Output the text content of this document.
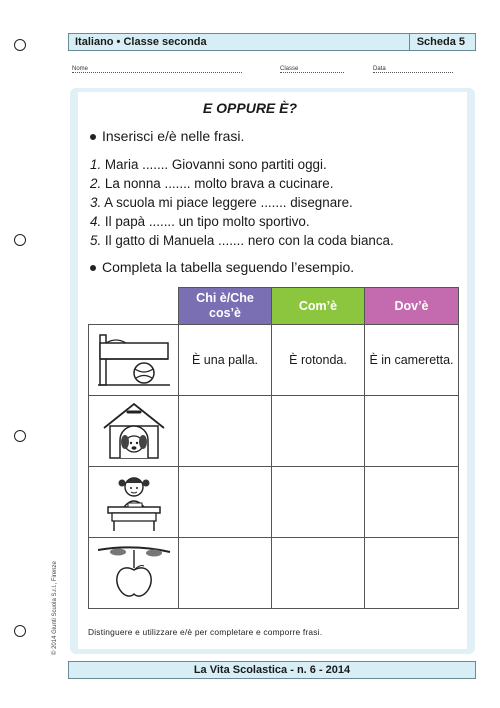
Italiano • Classe seconda	Scheda 5
Nome	Classe	Data
E OPPURE È?
Inserisci e/è nelle frasi.
1. Maria ....... Giovanni sono partiti oggi.
2. La nonna ....... molto brava a cucinare.
3. A scuola mi piace leggere ....... disegnare.
4. Il papà ....... un tipo molto sportivo.
5. Il gatto di Manuela ....... nero con la coda bianca.
Completa la tabella seguendo l’esempio.
	Chi è/Che cos’è	Com’è	Dov’è

	È una palla.	È rotonda.	È in cameretta.

Distinguere e utilizzare e/è per completare e comporre frasi.
© 2014 Giunti Scuola S.r.l., Firenze
La Vita Scolastica - n. 6 - 2014
